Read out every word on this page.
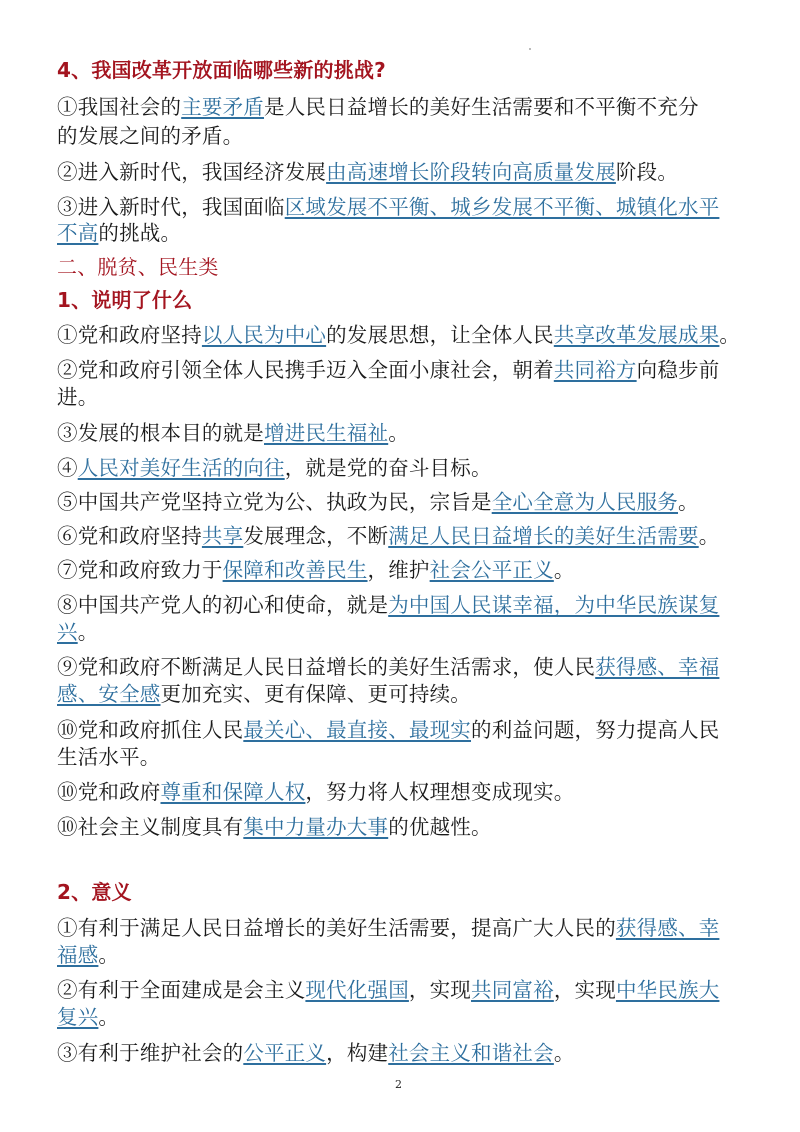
4、我国改革开放面临哪些新的挑战?
①我国社会的主要矛盾是人民日益增长的美好生活需要和不平衡不充分
的发展之间的矛盾。
②进入新时代，我国经济发展由高速增长阶段转向高质量发展阶段。
③进入新时代，我国面临区域发展不平衡、城乡发展不平衡、城镇化水平
不高的挑战。
二、脱贫、民生类
1、说明了什么
①党和政府坚持以人民为中心的发展思想，让全体人民共享改革发展成果。
②党和政府引领全体人民携手迈入全面小康社会，朝着共同裕方向稳步前
进。
③发展的根本目的就是增进民生福祉。
④人民对美好生活的向往，就是党的奋斗目标。
⑤中国共产党坚持立党为公、执政为民，宗旨是全心全意为人民服务。
⑥党和政府坚持共享发展理念，不断满足人民日益增长的美好生活需要。
⑦党和政府致力于保障和改善民生，维护社会公平正义。
⑧中国共产党人的初心和使命，就是为中国人民谋幸福，为中华民族谋复
兴。
⑨党和政府不断满足人民日益增长的美好生活需求，使人民获得感、幸福
感、安全感更加充实、更有保障、更可持续。
⑩党和政府抓住人民最关心、最直接、最现实的利益问题，努力提高人民
生活水平。
⑩党和政府尊重和保障人权，努力将人权理想变成现实。
⑩社会主义制度具有集中力量办大事的优越性。
2、意义
①有利于满足人民日益增长的美好生活需要，提高广大人民的获得感、幸
福感。
②有利于全面建成是会主义现代化强国，实现共同富裕，实现中华民族大
复兴。
③有利于维护社会的公平正义，构建社会主义和谐社会。
2
